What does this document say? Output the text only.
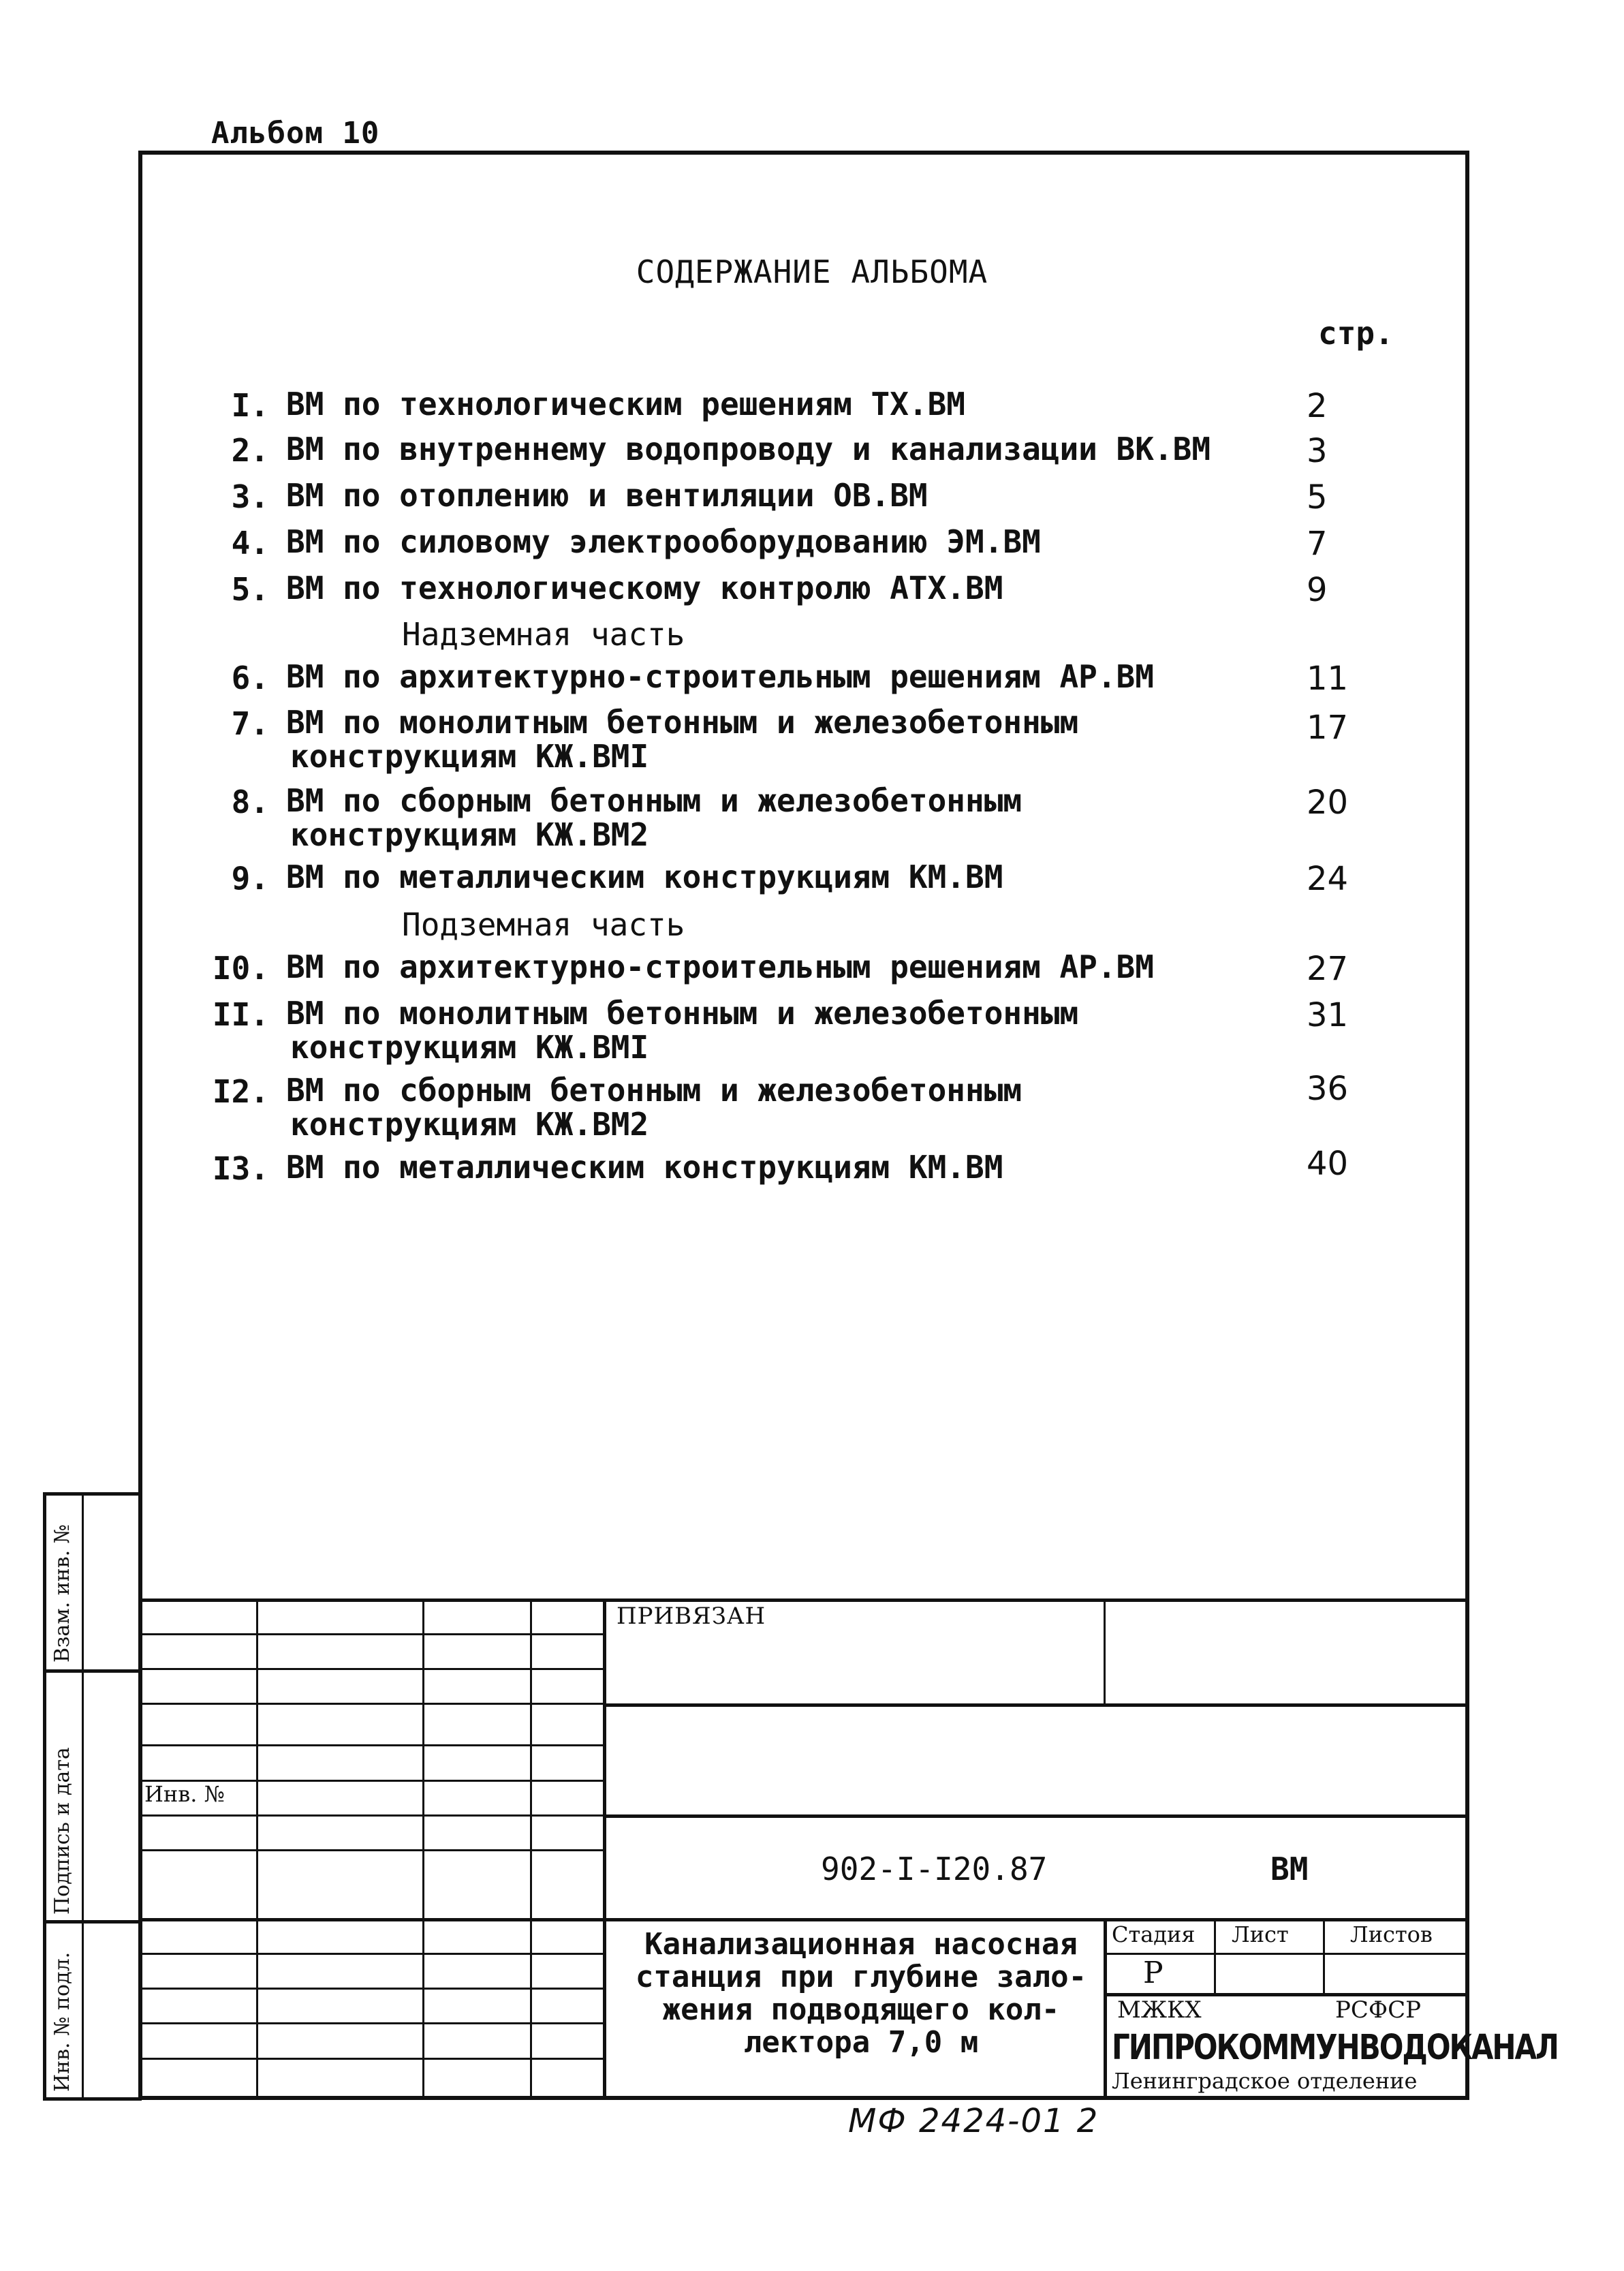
Альбом 10
СОДЕРЖАНИЕ АЛЬБОМА
стр.
I. ВМ по технологическим решениям ТХ.ВМ	2
2. ВМ по внутреннему водопроводу и канализации ВК.ВМ	3
3. ВМ по отоплению и вентиляции ОВ.ВМ	5
4. ВМ по силовому электрооборудованию ЭМ.ВМ	7
5. ВМ по технологическому контролю АТХ.ВМ	9
Надземная часть
6. ВМ по архитектурно-строительным решениям АР.ВМ	11
7. ВМ по монолитным бетонным и железобетонным
конструкциям КЖ.ВМI
17
8. ВМ по сборным бетонным и железобетонным
конструкциям КЖ.ВМ2
20
9. ВМ по металлическим конструкциям КМ.ВМ	24
Подземная часть
I0. ВМ по архитектурно-строительным решениям АР.ВМ	27
II. ВМ по монолитным бетонным и железобетонным
конструкциям КЖ.ВМI
31
I2. ВМ по сборным бетонным и железобетонным
конструкциям КЖ.ВМ2
36
I3. ВМ по металлическим конструкциям КМ.ВМ	40
Взам. инв. №
Подпись и дата
Инв. № подл.
Инв. №
ПРИВЯЗАН
902-I-I20.87	ВМ
Канализационная насосная
станция при глубине зало-
жения подводящего кол-
лектора 7,0 м
Стадия Лист	Листов
Р
МЖКХ	РСФСР
ГИПРОКОММУНВОДОКАНАЛ
Ленинградское отделение
МФ 2424-01 2
